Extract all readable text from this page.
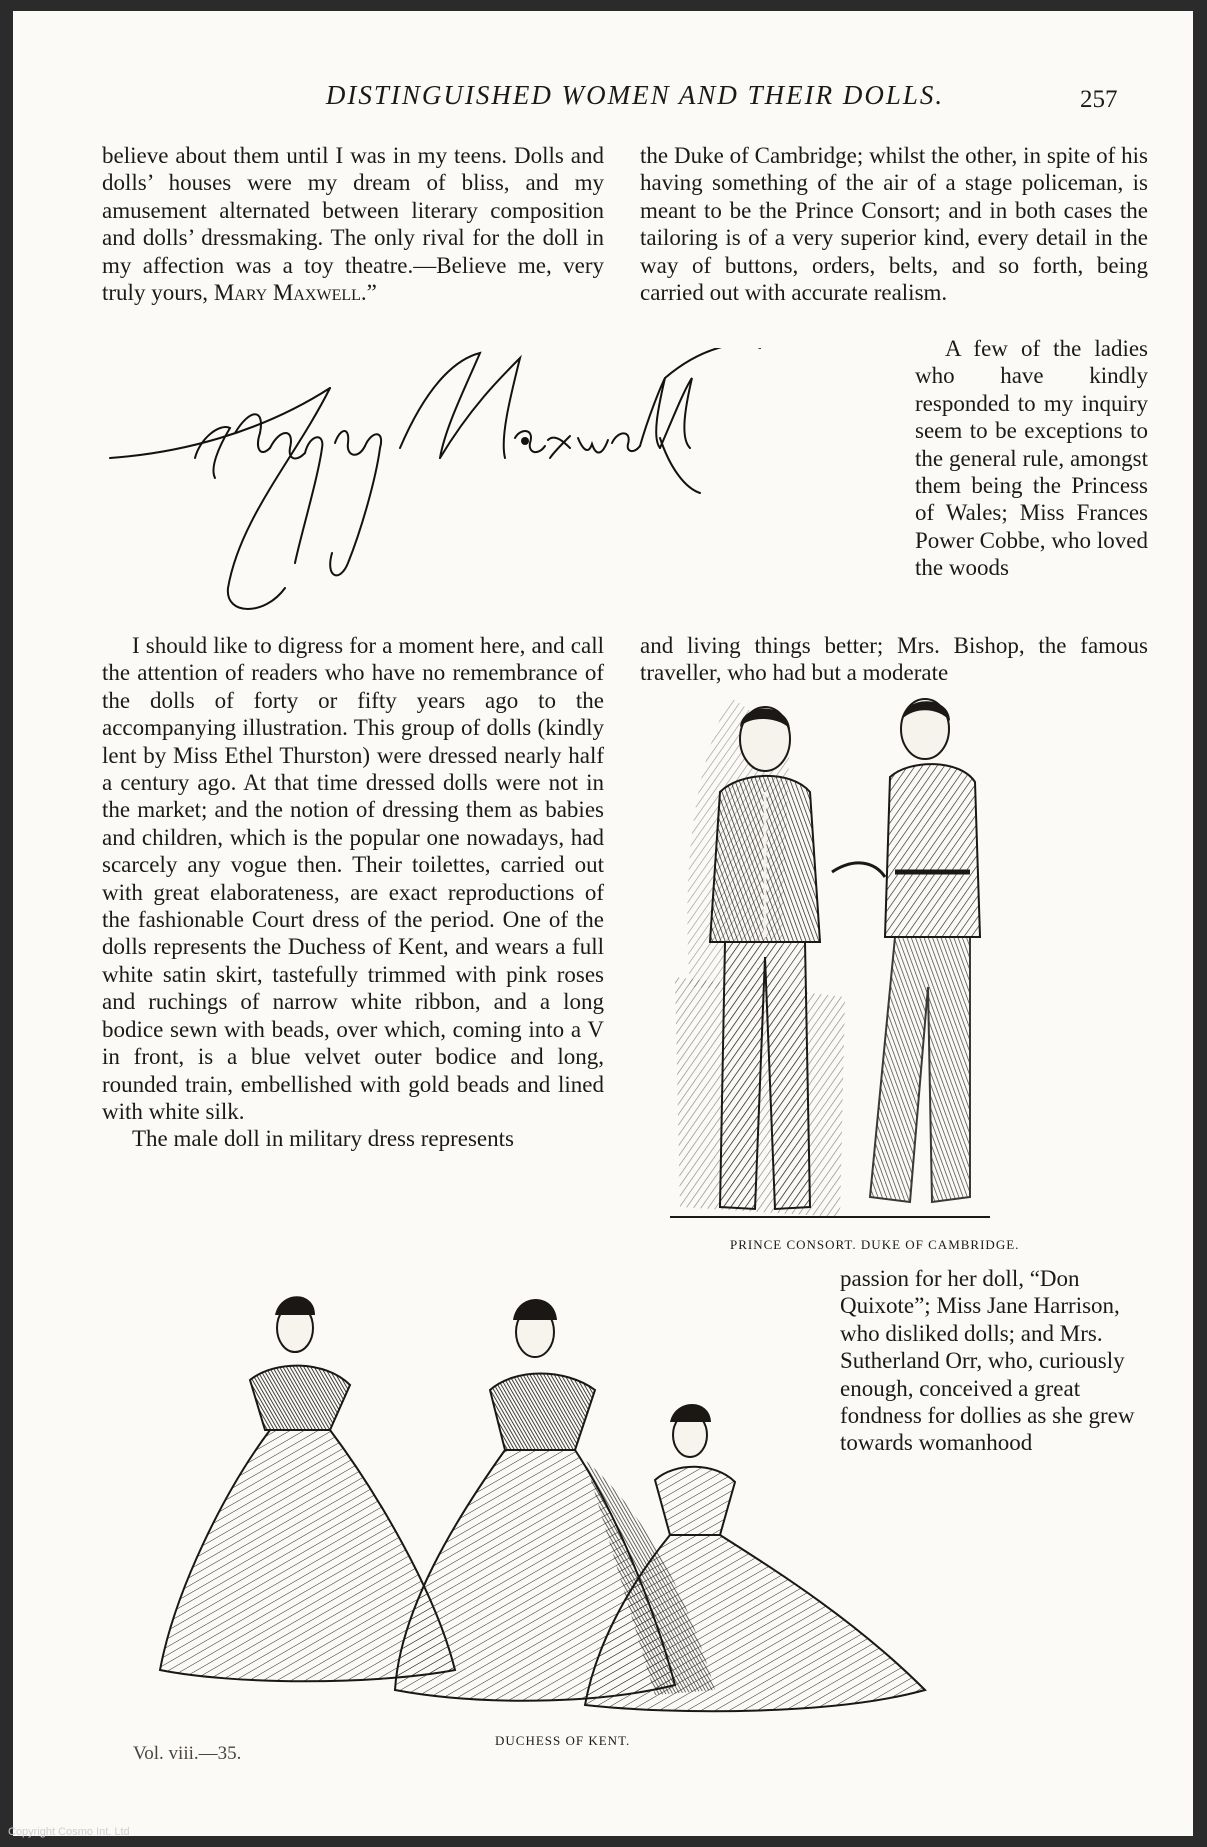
DISTINGUISHED WOMEN AND THEIR DOLLS.	257

believe about them until I was in my teens. Dolls and dolls’ houses were my dream of bliss, and my amusement alternated between literary composition and dolls’ dressmaking. The only rival for the doll in my affection was a toy theatre.—Believe me, very truly yours, Mary Maxwell.”

Mary Maxwell

I should like to digress for a moment here, and call the attention of readers who have no remembrance of the dolls of forty or fifty years ago to the accompanying illustration. This group of dolls (kindly lent by Miss Ethel Thurston) were dressed nearly half a century ago. At that time dressed dolls were not in the market; and the notion of dressing them as babies and children, which is the popular one nowadays, had scarcely any vogue then. Their toilettes, carried out with great elaborateness, are exact reproductions of the fashionable Court dress of the period. One of the dolls represents the Duchess of Kent, and wears a full white satin skirt, tastefully trimmed with pink roses and ruchings of narrow white ribbon, and a long bodice sewn with beads, over which, coming into a V in front, is a blue velvet outer bodice and long, rounded train, embellished with gold beads and lined with white silk.

The male doll in military dress represents

the Duke of Cambridge; whilst the other, in spite of his having something of the air of a stage policeman, is meant to be the Prince Consort; and in both cases the tailoring is of a very superior kind, every detail in the way of buttons, orders, belts, and so forth, being carried out with accurate realism.

A few of the ladies who have kindly responded to my inquiry seem to be exceptions to the general rule, amongst them being the Princess of Wales; Miss Frances Power Cobbe, who loved the woods

and living things better; Mrs. Bishop, the famous traveller, who had but a moderate

PRINCE CONSORT. DUKE OF CAMBRIDGE.

passion for her doll, “Don Quixote”; Miss Jane Harrison, who disliked dolls; and Mrs. Sutherland Orr, who, curiously enough, conceived a great fondness for dollies as she grew towards womanhood

DUCHESS OF KENT.
Vol. viii.—35.
Copyright Cosmo Int. Ltd
